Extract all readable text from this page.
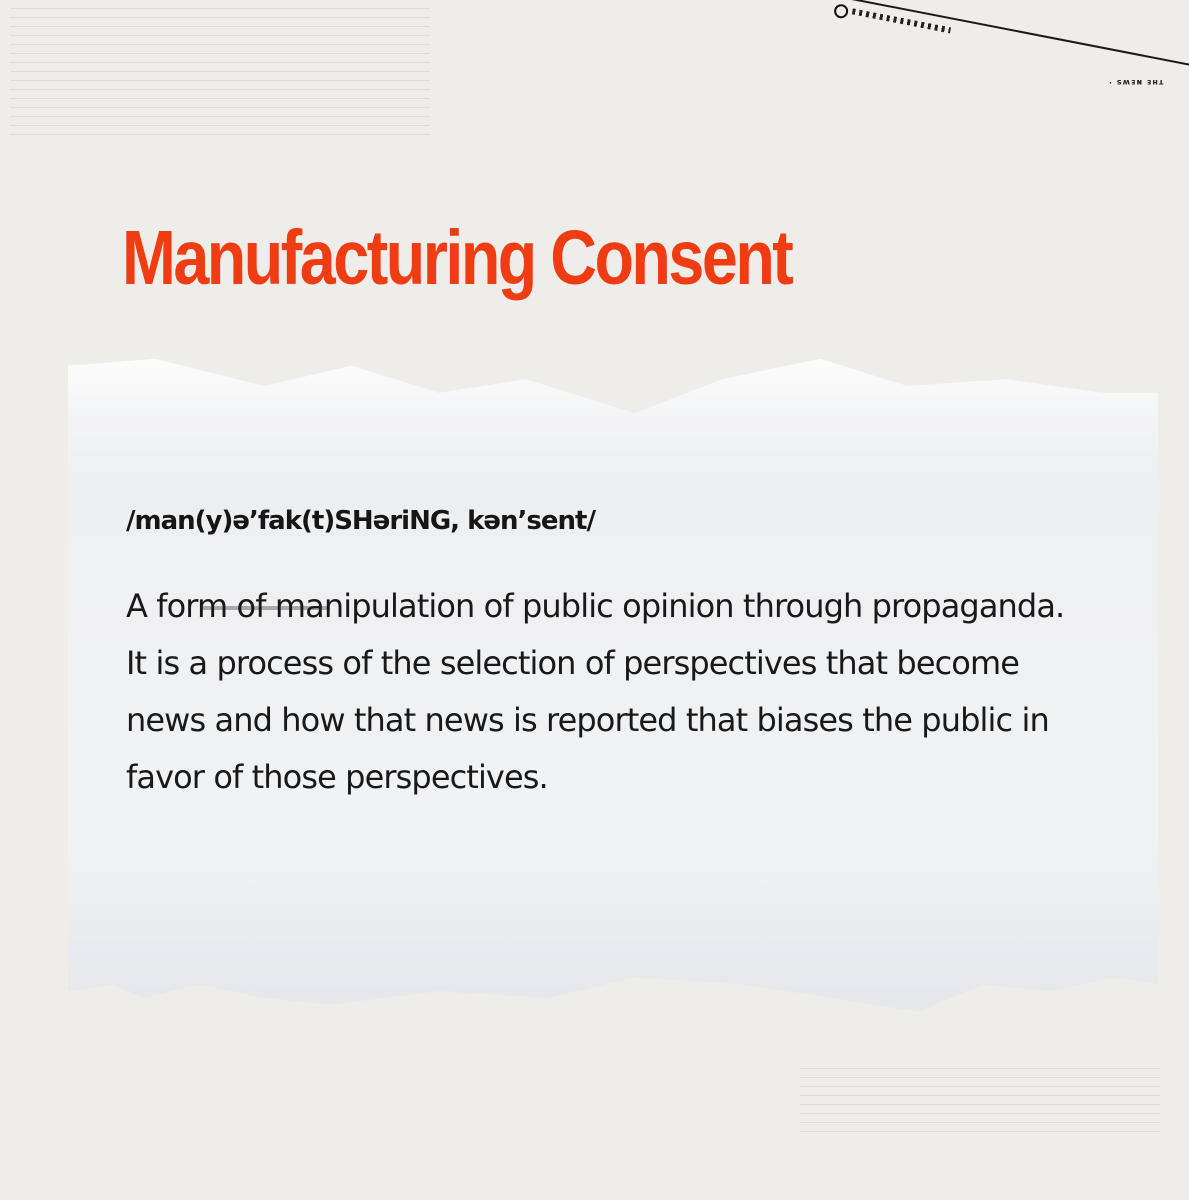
ᴛʜᴇ ɴᴇᴡꜱ ·
Manufacturing Consent

/man(y)ə’fak(t)SHəriNG, kən’sent/

A form of manipulation of public opinion through propaganda. It is a process of the selection of perspectives that become news and how that news is reported that biases the public in favor of those perspectives.
